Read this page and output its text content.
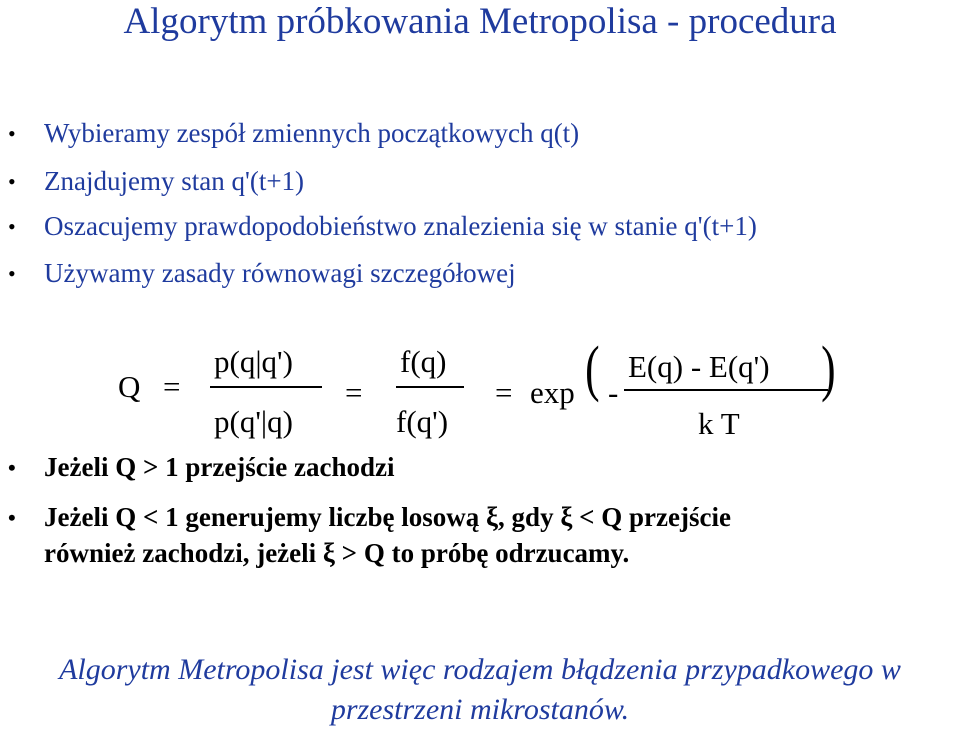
Algorytm próbkowania Metropolisa - procedura
• Wybieramy zespół zmiennych początkowych q(t)
• Znajdujemy stan q'(t+1)
• Oszacujemy prawdopodobieństwo znalezienia się w stanie q'(t+1)
• Używamy zasady równowagi szczegółowej
Q =
p(q|q')
p(q'|q)
=
f(q)
f(q')
= exp ( -
E(q) - E(q')
k T
)
• Jeżeli Q > 1 przejście zachodzi
• Jeżeli Q < 1 generujemy liczbę losową ξ, gdy ξ < Q przejście
również zachodzi, jeżeli ξ > Q to próbę odrzucamy.
Algorytm Metropolisa jest więc rodzajem błądzenia przypadkowego w
przestrzeni mikrostanów.
